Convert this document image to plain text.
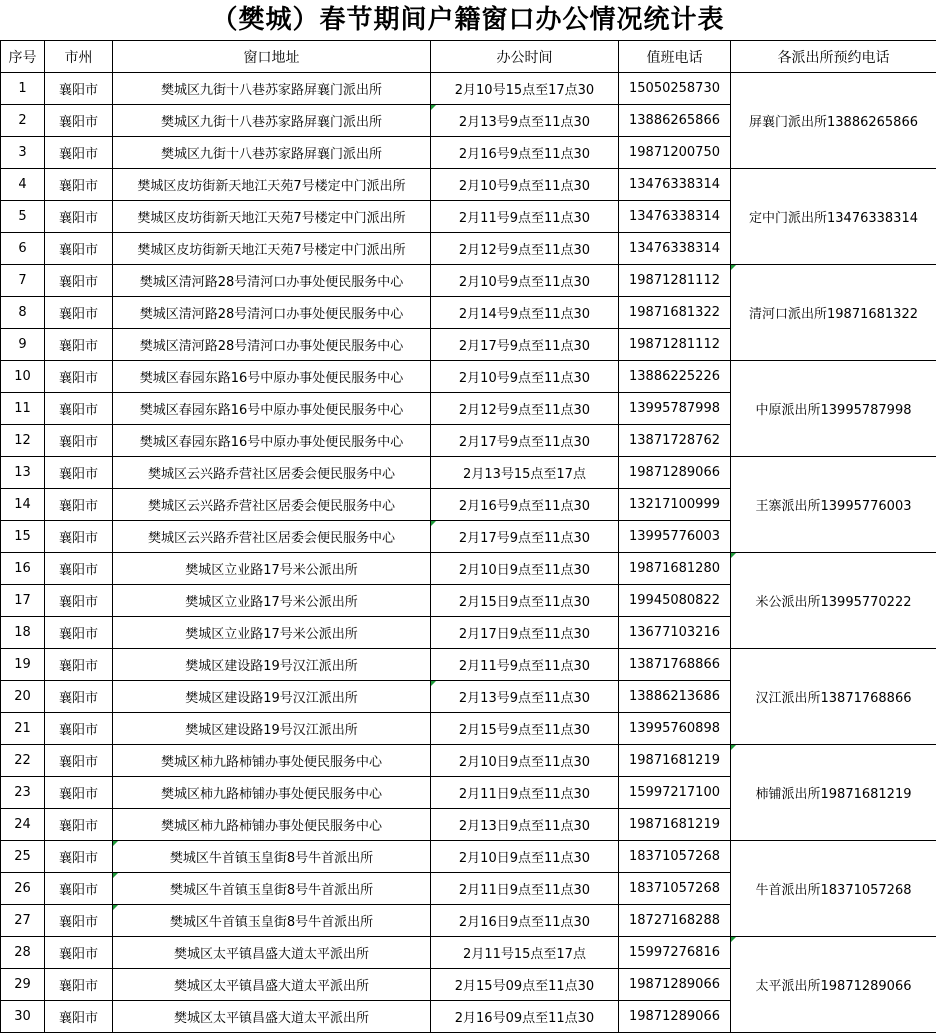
（樊城）春节期间户籍窗口办公情况统计表
序号	市州	窗口地址	办公时间	值班电话	各派出所预约电话
1	襄阳市	樊城区九街十八巷苏家路屏襄门派出所	2月10号15点至17点30	15050258730	屏襄门派出所13886265866
2	襄阳市	樊城区九街十八巷苏家路屏襄门派出所	2月13号9点至11点30	13886265866	
3	襄阳市	樊城区九街十八巷苏家路屏襄门派出所	2月16号9点至11点30	19871200750	
4	襄阳市	樊城区皮坊街新天地江天苑7号楼定中门派出所	2月10号9点至11点30	13476338314	定中门派出所13476338314
5	襄阳市	樊城区皮坊街新天地江天苑7号楼定中门派出所	2月11号9点至11点30	13476338314	
6	襄阳市	樊城区皮坊街新天地江天苑7号楼定中门派出所	2月12号9点至11点30	13476338314	
7	襄阳市	樊城区清河路28号清河口办事处便民服务中心	2月10号9点至11点30	19871281112	清河口派出所19871681322
8	襄阳市	樊城区清河路28号清河口办事处便民服务中心	2月14号9点至11点30	19871681322	
9	襄阳市	樊城区清河路28号清河口办事处便民服务中心	2月17号9点至11点30	19871281112	
10	襄阳市	樊城区春园东路16号中原办事处便民服务中心	2月10号9点至11点30	13886225226	中原派出所13995787998
11	襄阳市	樊城区春园东路16号中原办事处便民服务中心	2月12号9点至11点30	13995787998	
12	襄阳市	樊城区春园东路16号中原办事处便民服务中心	2月17号9点至11点30	13871728762	
13	襄阳市	樊城区云兴路乔营社区居委会便民服务中心	2月13号15点至17点	19871289066	王寨派出所13995776003
14	襄阳市	樊城区云兴路乔营社区居委会便民服务中心	2月16号9点至11点30	13217100999	
15	襄阳市	樊城区云兴路乔营社区居委会便民服务中心	2月17号9点至11点30	13995776003	
16	襄阳市	樊城区立业路17号米公派出所	2月10日9点至11点30	19871681280	米公派出所13995770222
17	襄阳市	樊城区立业路17号米公派出所	2月15日9点至11点30	19945080822	
18	襄阳市	樊城区立业路17号米公派出所	2月17日9点至11点30	13677103216	
19	襄阳市	樊城区建设路19号汉江派出所	2月11号9点至11点30	13871768866	汉江派出所13871768866
20	襄阳市	樊城区建设路19号汉江派出所	2月13号9点至11点30	13886213686	
21	襄阳市	樊城区建设路19号汉江派出所	2月15号9点至11点30	13995760898	
22	襄阳市	樊城区柿九路柿铺办事处便民服务中心	2月10日9点至11点30	19871681219	柿铺派出所19871681219
23	襄阳市	樊城区柿九路柿铺办事处便民服务中心	2月11日9点至11点30	15997217100	
24	襄阳市	樊城区柿九路柿铺办事处便民服务中心	2月13日9点至11点30	19871681219	
25	襄阳市	樊城区牛首镇玉皇街8号牛首派出所	2月10日9点至11点30	18371057268	牛首派出所18371057268
26	襄阳市	樊城区牛首镇玉皇街8号牛首派出所	2月11日9点至11点30	18371057268	
27	襄阳市	樊城区牛首镇玉皇街8号牛首派出所	2月16日9点至11点30	18727168288	
28	襄阳市	樊城区太平镇昌盛大道太平派出所	2月11号15点至17点	15997276816	太平派出所19871289066
29	襄阳市	樊城区太平镇昌盛大道太平派出所	2月15号09点至11点30	19871289066	
30	襄阳市	樊城区太平镇昌盛大道太平派出所	2月16号09点至11点30	19871289066	
